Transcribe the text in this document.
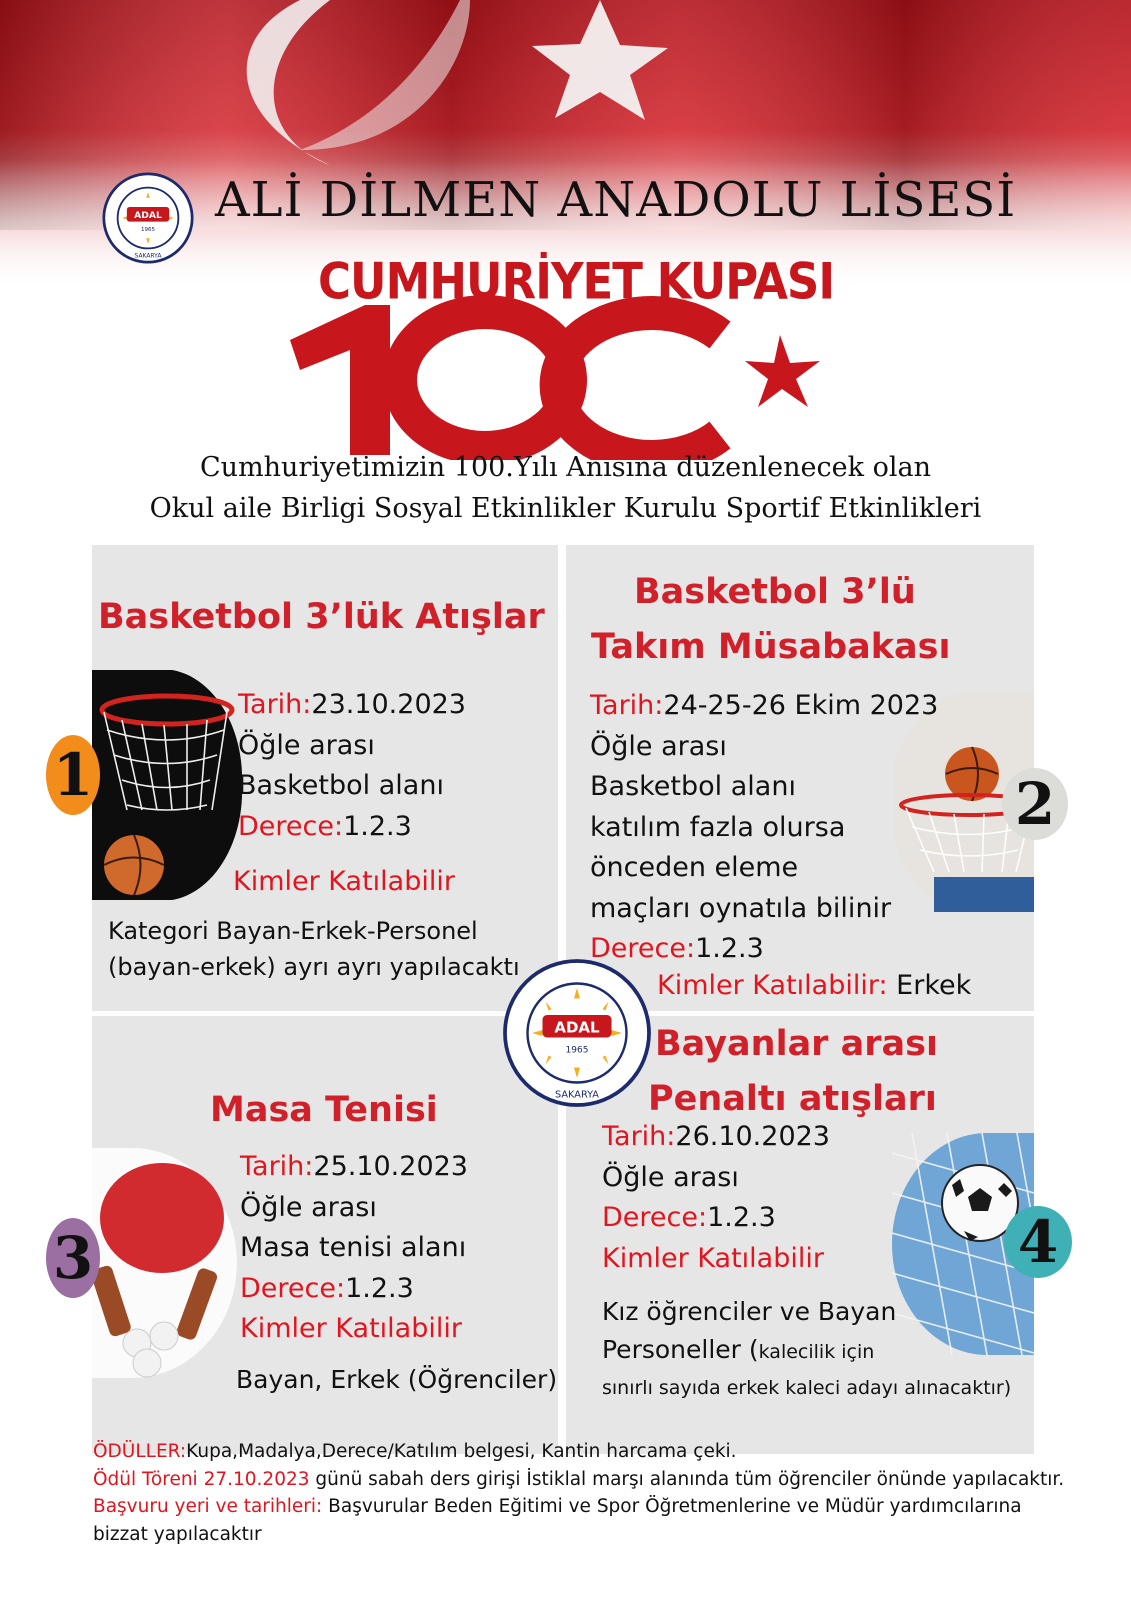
ADAL
1965
SAKARYA
ALİ DİLMEN ANADOLU LİSESİ
CUMHURİYET KUPASI
Cumhuriyetimizin 100.Yılı Anısına düzenlenecek olan
Okul aile Birligi Sosyal Etkinlikler Kurulu Sportif Etkinlikleri
Basketbol 3’lük Atışlar
1
Tarih:23.10.2023
Öğle arası
Basketbol alanı
Derece:1.2.3
Kimler Katılabilir
Kategori Bayan-Erkek-Personel
(bayan-erkek) ayrı ayrı yapılacaktı
Basketbol 3’lü
Takım Müsabakası
2
Tarih:24-25-26 Ekim 2023
Öğle arası
Basketbol alanı
katılım fazla olursa
önceden eleme
maçları oynatıla bilinir
Derece:1.2.3
Kimler Katılabilir: Erkek
ADAL
1965
SAKARYA
Masa Tenisi
3
Tarih:25.10.2023
Öğle arası
Masa tenisi alanı
Derece:1.2.3
Kimler Katılabilir
Bayan, Erkek (Öğrenciler)
Bayanlar arası
Penaltı atışları
4
Tarih:26.10.2023
Öğle arası
Derece:1.2.3
Kimler Katılabilir
Kız öğrenciler ve Bayan
Personeller (kalecilik için
sınırlı sayıda erkek kaleci adayı alınacaktır)
ÖDÜLLER:Kupa,Madalya,Derece/Katılım belgesi, Kantin harcama çeki.
Ödül Töreni 27.10.2023 günü sabah ders girişi İstiklal marşı alanında tüm öğrenciler önünde yapılacaktır.
Başvuru yeri ve tarihleri: Başvurular Beden Eğitimi ve Spor Öğretmenlerine ve Müdür yardımcılarına
bizzat yapılacaktır
